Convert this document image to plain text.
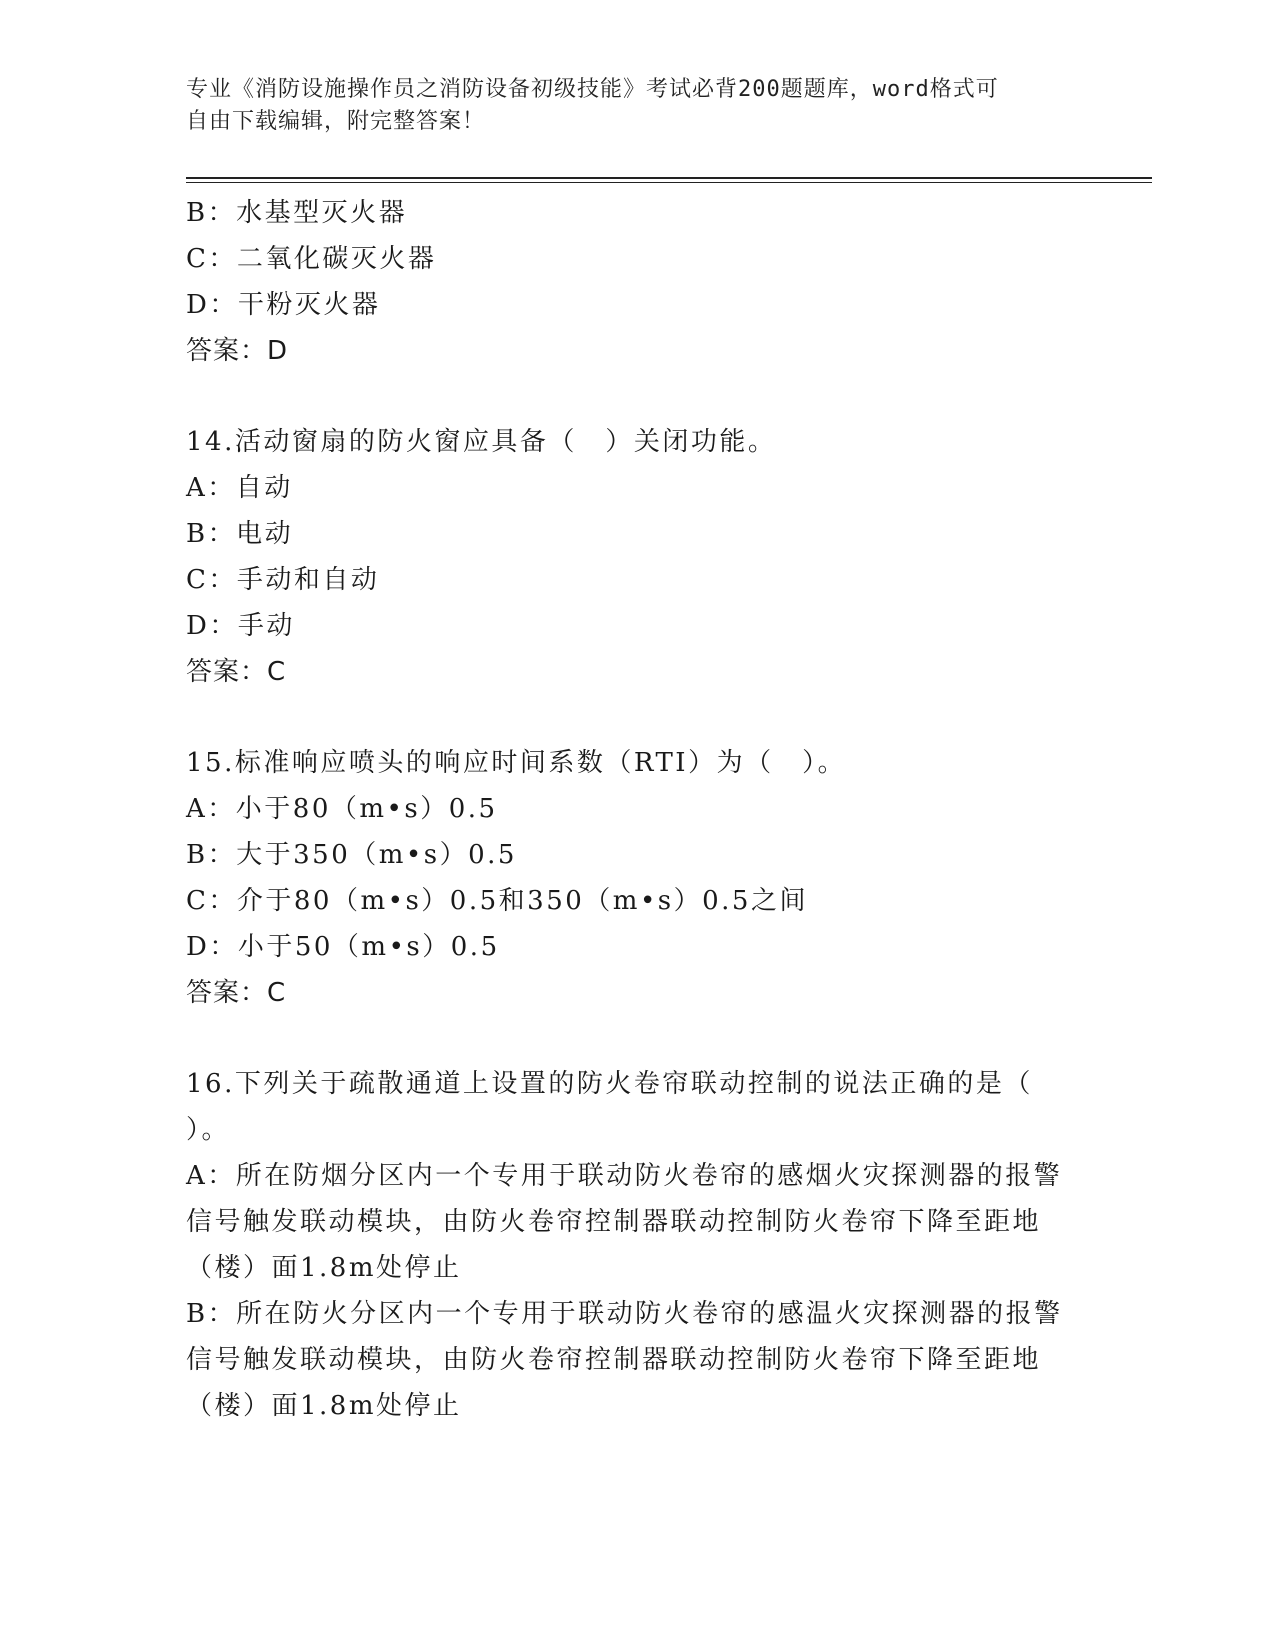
专业《消防设施操作员之消防设备初级技能》考试必背200题题库，word格式可
自由下载编辑，附完整答案！
B：水基型灭火器
C：二氧化碳灭火器
D：干粉灭火器
答案：D
14.活动窗扇的防火窗应具备（　）关闭功能。
A：自动
B：电动
C：手动和自动
D：手动
答案：C
15.标准响应喷头的响应时间系数（RTI）为（　）。
A：小于80（m•s）0.5
B：大于350（m•s）0.5
C：介于80（m•s）0.5和350（m•s）0.5之间
D：小于50（m•s）0.5
答案：C
16.下列关于疏散通道上设置的防火卷帘联动控制的说法正确的是（
）。
A：所在防烟分区内一个专用于联动防火卷帘的感烟火灾探测器的报警
信号触发联动模块，由防火卷帘控制器联动控制防火卷帘下降至距地
（楼）面1.8m处停止
B：所在防火分区内一个专用于联动防火卷帘的感温火灾探测器的报警
信号触发联动模块，由防火卷帘控制器联动控制防火卷帘下降至距地
（楼）面1.8m处停止
